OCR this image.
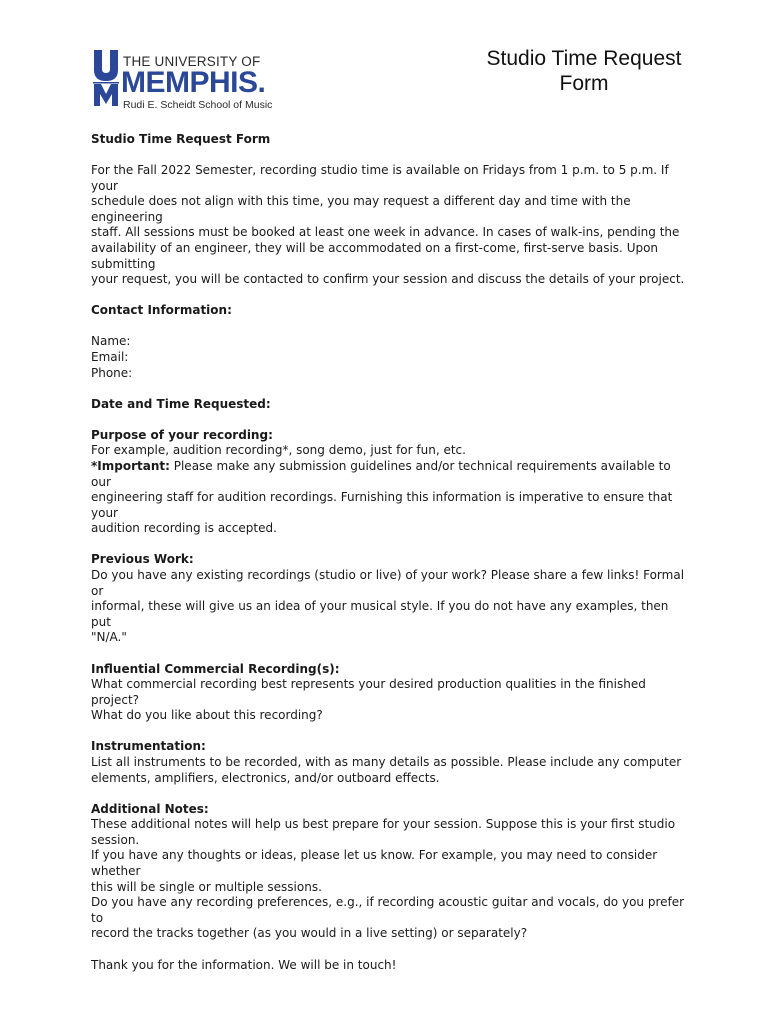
THE UNIVERSITY OF
MEMPHIS.
Rudi E. Scheidt School of Music
Studio Time Request
Form

Studio Time Request Form

For the Fall 2022 Semester, recording studio time is available on Fridays from 1 p.m. to 5 p.m. If your

schedule does not align with this time, you may request a different day and time with the engineering

staff. All sessions must be booked at least one week in advance. In cases of walk-ins, pending the

availability of an engineer, they will be accommodated on a first-come, first-serve basis. Upon submitting

your request, you will be contacted to confirm your session and discuss the details of your project.

Contact Information:

Name:

Email:

Phone:

Date and Time Requested:

Purpose of your recording:

For example, audition recording*, song demo, just for fun, etc.

*Important: Please make any submission guidelines and/or technical requirements available to our

engineering staff for audition recordings. Furnishing this information is imperative to ensure that your

audition recording is accepted.

Previous Work:

Do you have any existing recordings (studio or live) of your work? Please share a few links! Formal or

informal, these will give us an idea of your musical style. If you do not have any examples, then put

"N/A."

Influential Commercial Recording(s):

What commercial recording best represents your desired production qualities in the finished project?

What do you like about this recording?

Instrumentation:

List all instruments to be recorded, with as many details as possible. Please include any computer

elements, amplifiers, electronics, and/or outboard effects.

Additional Notes:

These additional notes will help us best prepare for your session. Suppose this is your first studio session.

If you have any thoughts or ideas, please let us know. For example, you may need to consider whether

this will be single or multiple sessions.

Do you have any recording preferences, e.g., if recording acoustic guitar and vocals, do you prefer to

record the tracks together (as you would in a live setting) or separately?

Thank you for the information. We will be in touch!
